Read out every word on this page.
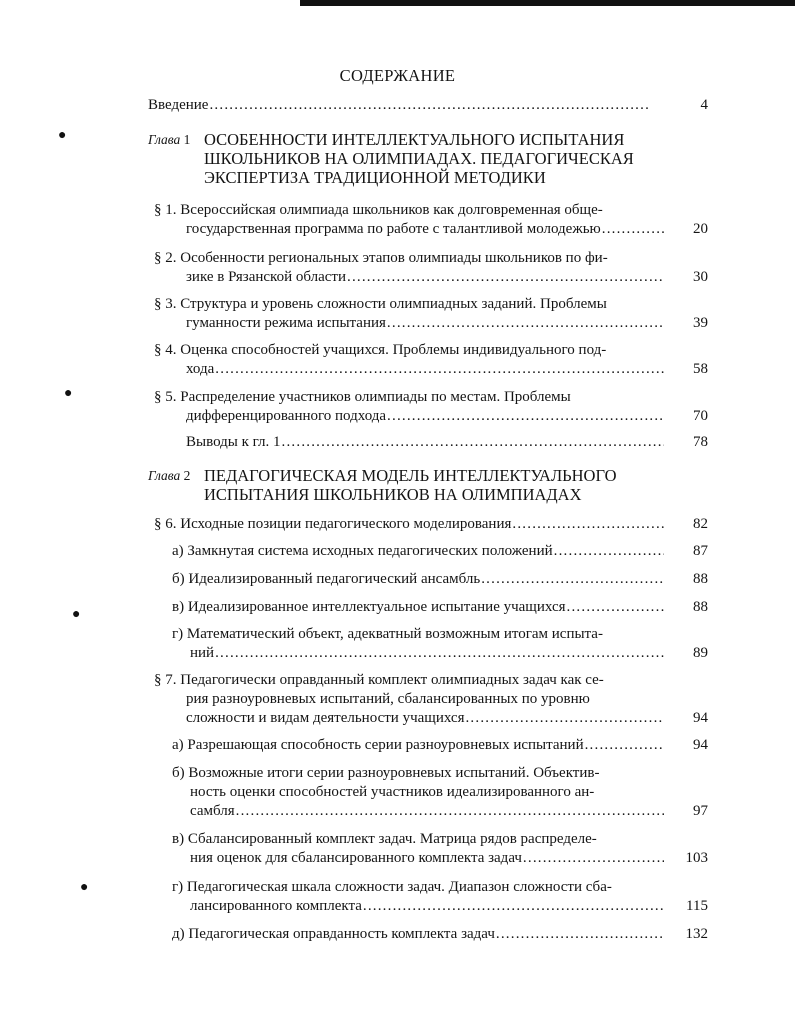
●
●
●
●
СОДЕРЖАНИЕ
Введение .....	4
Глава 1 ОСОБЕННОСТИ ИНТЕЛЛЕКТУАЛЬНОГО ИСПЫТАНИЯ
ШКОЛЬНИКОВ НА ОЛИМПИАДАХ. ПЕДАГОГИЧЕСКАЯ
ЭКСПЕРТИЗА ТРАДИЦИОННОЙ МЕТОДИКИ
§ 1. Всероссийская олимпиада школьников как долговременная обще-
государственная программа по работе с талантливой молодежью .....	20
§ 2. Особенности региональных этапов олимпиады школьников по фи-
зике в Рязанской области .....	30
§ 3. Структура и уровень сложности олимпиадных заданий. Проблемы
гуманности режима испытания .....	39
§ 4. Оценка способностей учащихся. Проблемы индивидуального под-
хода .....	58
§ 5. Распределение участников олимпиады по местам. Проблемы
дифференцированного подхода .....	70
Выводы к гл. 1 .....	78
Глава 2 ПЕДАГОГИЧЕСКАЯ МОДЕЛЬ ИНТЕЛЛЕКТУАЛЬНОГО
ИСПЫТАНИЯ ШКОЛЬНИКОВ НА ОЛИМПИАДАХ
§ 6. Исходные позиции педагогического моделирования .....	82
а) Замкнутая система исходных педагогических положений .....	87
б) Идеализированный педагогический ансамбль .....	88
в) Идеализированное интеллектуальное испытание учащихся .....	88
г) Математический объект, адекватный возможным итогам испыта-
ний .....	89
§ 7. Педагогически оправданный комплект олимпиадных задач как се-
рия разноуровневых испытаний, сбалансированных по уровню
сложности и видам деятельности учащихся .....	94
а) Разрешающая способность серии разноуровневых испытаний .....	94
б) Возможные итоги серии разноуровневых испытаний. Объектив-
ность оценки способностей участников идеализированного ан-
самбля .....	97
в) Сбалансированный комплект задач. Матрица рядов распределе-
ния оценок для сбалансированного комплекта задач .....	103
г) Педагогическая шкала сложности задач. Диапазон сложности сба-
лансированного комплекта .....	115
д) Педагогическая оправданность комплекта задач .....	132
